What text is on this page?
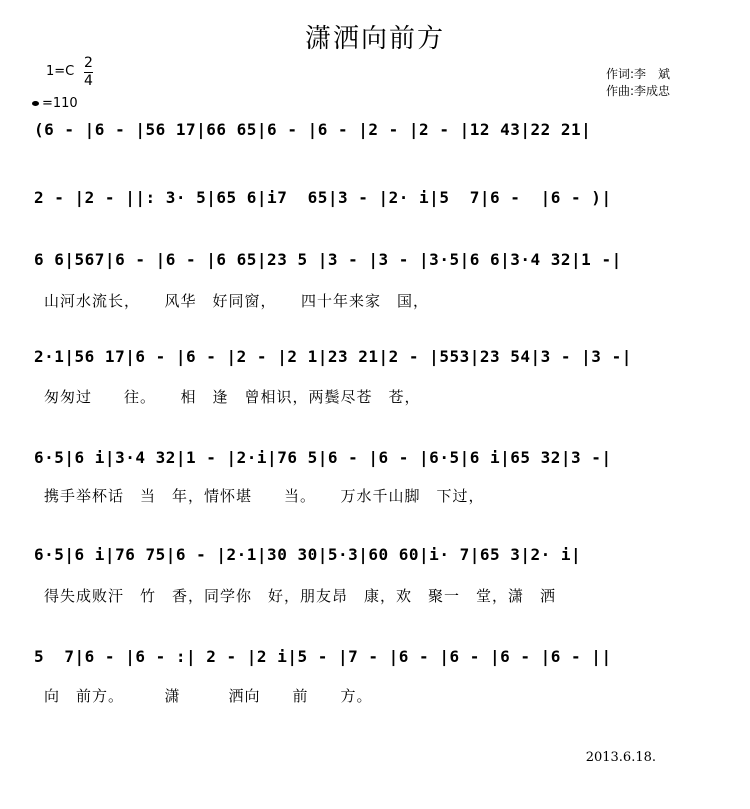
潇洒向前方
1=C
2
4
=110
作词:李　斌
作曲:李成忠
(6 - |6 - |56 17|66 65|6 - |6 - |2 - |2 - |12 43|22 21|
2 - |2 - ||: 3· 5|65 6|i7  65|3 - |2· i|5  7|6 -  |6 - )|
6 6|567|6 - |6 - |6 65|23 5 |3 - |3 - |3·5|6 6|3·4 32|1 -|
山河水流长，　　风华　好同窗，　　四十年来家　国，
2·1|56 17|6 - |6 - |2 - |2 1|23 21|2 - |553|23 54|3 - |3 -|
匆匆过　　往。　　相　逢　曾相识，两鬓尽苍　苍，
6·5|6 i|3·4 32|1 - |2·i|76 5|6 - |6 - |6·5|6 i|65 32|3 -|
携手举杯话　当　年，情怀堪　　当。　　万水千山脚　下过，
6·5|6 i|76 75|6 - |2·1|30 30|5·3|60 60|i· 7|65 3|2· i|
得失成败汗　竹　香，同学你　好，朋友昂　康，欢　聚一　堂，潇　洒
5  7|6 - |6 - :| 2 - |2 i|5 - |7 - |6 - |6 - |6 - |6 - ||
向　前方。　　　潇　　　洒向　　前　　方。
2013.6.18.
